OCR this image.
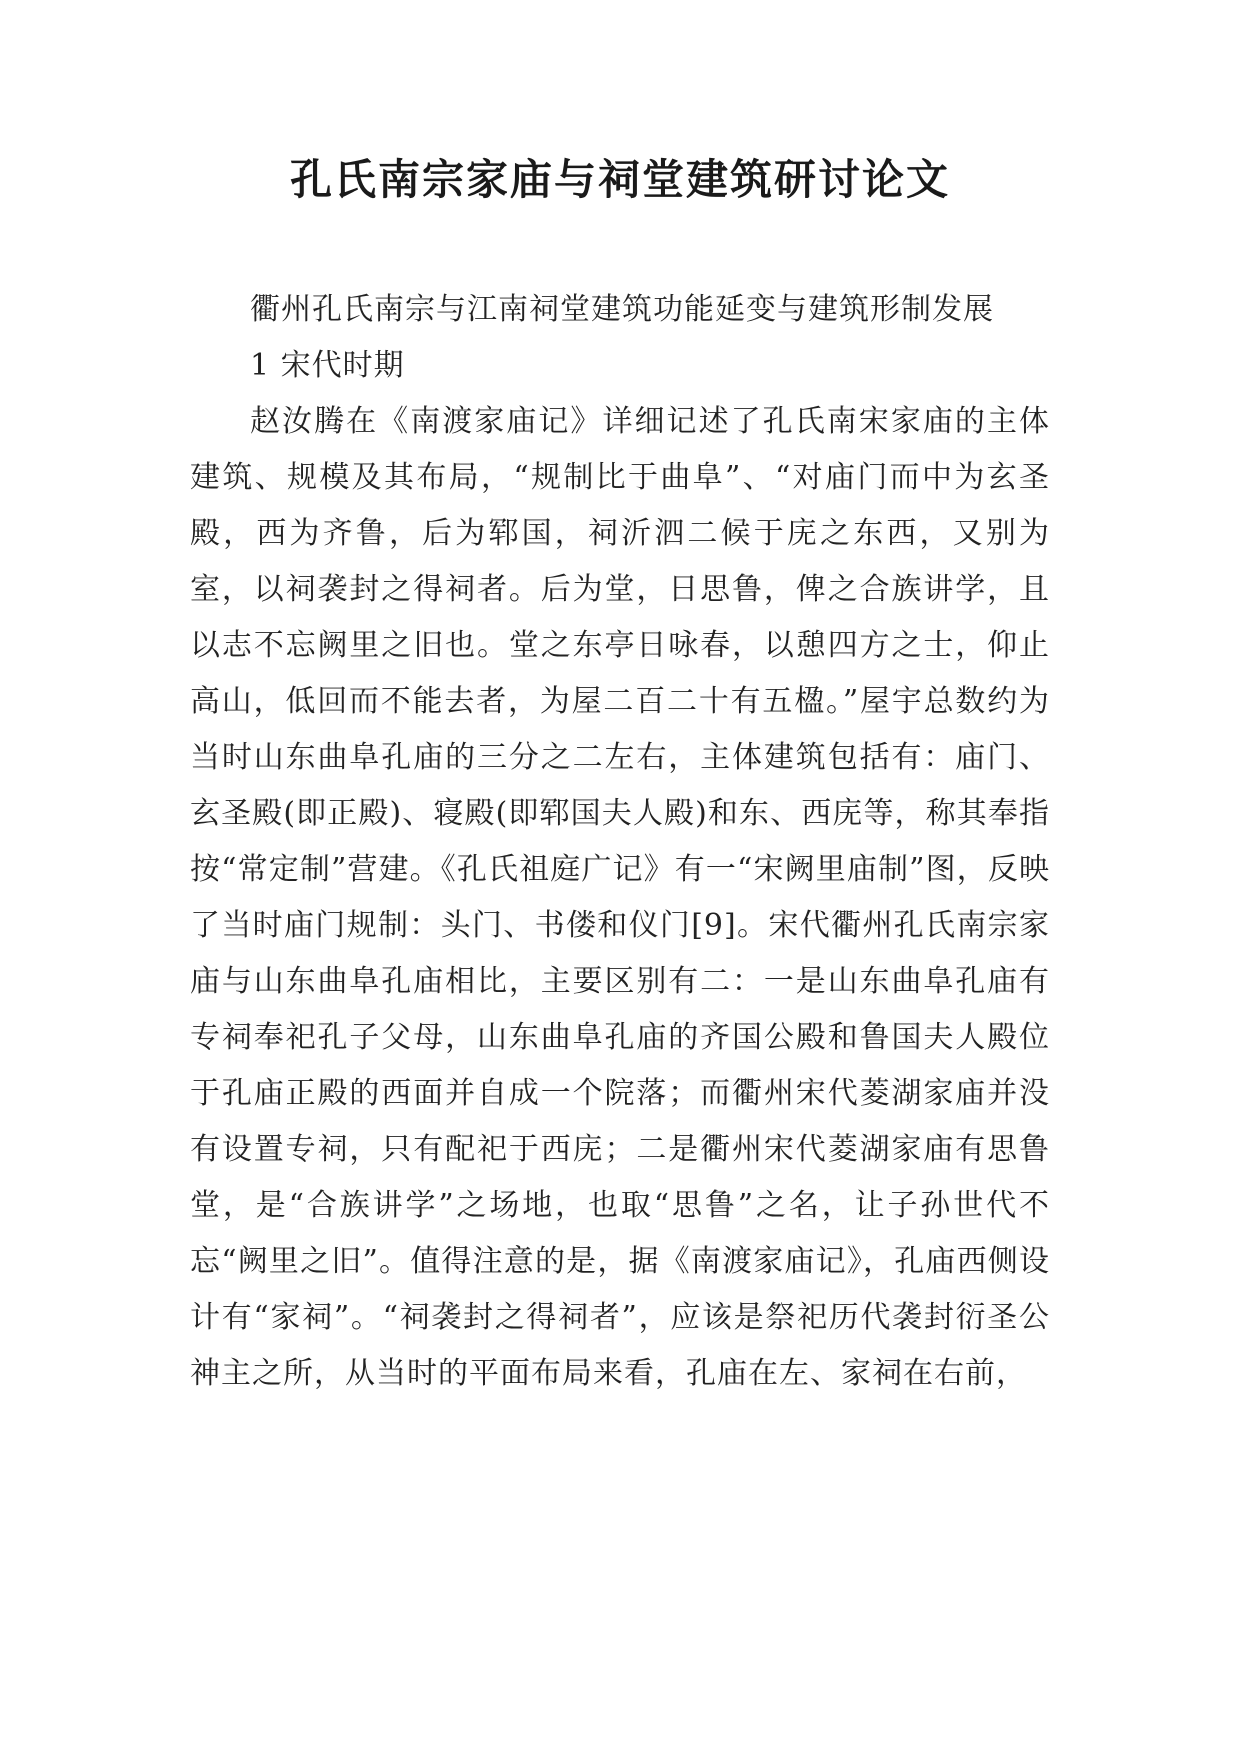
孔氏南宗家庙与祠堂建筑研讨论文

衢州孔氏南宗与江南祠堂建筑功能延变与建筑形制发展

1 宋代时期

赵汝腾在《南渡家庙记》详细记述了孔氏南宋家庙的主体建筑、规模及其布局，“规制比于曲阜”、“对庙门而中为玄圣殿，西为齐鲁，后为郓国，祠沂泗二候于庑之东西，又别为室，以祠袭封之得祠者。后为堂，日思鲁，俾之合族讲学，且以志不忘阙里之旧也。堂之东亭日咏春，以憩四方之士，仰止高山，低回而不能去者，为屋二百二十有五楹。”屋宇总数约为当时山东曲阜孔庙的三分之二左右，主体建筑包括有：庙门、玄圣殿(即正殿)、寝殿(即郓国夫人殿)和东、西庑等，称其奉指按“常定制”营建。《孔氏祖庭广记》有一“宋阙里庙制”图，反映了当时庙门规制：头门、书偻和仪门[9]。宋代衢州孔氏南宗家庙与山东曲阜孔庙相比，主要区别有二：一是山东曲阜孔庙有专祠奉祀孔子父母，山东曲阜孔庙的齐国公殿和鲁国夫人殿位于孔庙正殿的西面并自成一个院落；而衢州宋代菱湖家庙并没有设置专祠，只有配祀于西庑；二是衢州宋代菱湖家庙有思鲁堂，是“合族讲学”之场地，也取“思鲁”之名，让子孙世代不忘“阙里之旧”。值得注意的是，据《南渡家庙记》，孔庙西侧设计有“家祠”。“祠袭封之得祠者”，应该是祭祀历代袭封衍圣公神主之所，从当时的平面布局来看，孔庙在左、家祠在右前，
